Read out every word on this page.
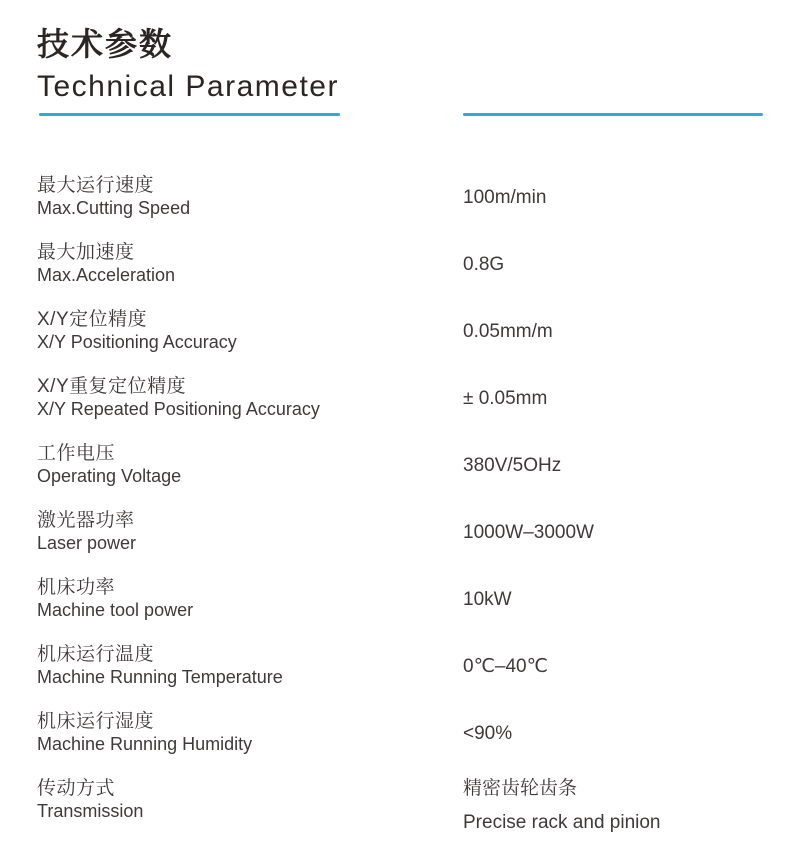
技术参数
Technical Parameter
最大运行速度
Max.Cutting Speed
100m/min
最大加速度
Max.Acceleration
0.8G
X/Y定位精度
X/Y Positioning Accuracy
0.05mm/m
X/Y重复定位精度
X/Y Repeated Positioning Accuracy
± 0.05mm
工作电压
Operating Voltage
380V/5OHz
激光器功率
Laser power
1000W–3000W
机床功率
Machine tool power
10kW
机床运行温度
Machine Running Temperature
0℃–40℃
机床运行湿度
Machine Running Humidity
<90%
传动方式
Transmission
精密齿轮齿条
Precise rack and pinion
